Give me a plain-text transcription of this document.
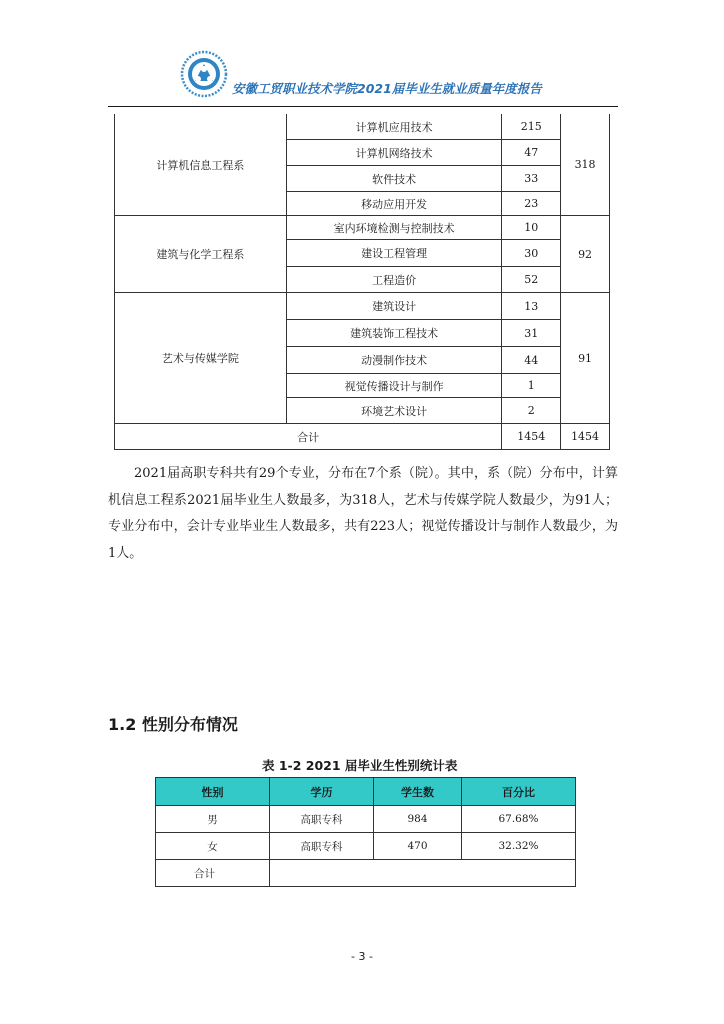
安徽工贸职业技术学院2021届毕业生就业质量年度报告
计算机信息工程系	计算机应用技术	215	318
	计算机网络技术	47	
	软件技术	33	
	移动应用开发	23	
建筑与化学工程系	室内环境检测与控制技术	10	92
	建设工程管理	30	
	工程造价	52	
艺术与传媒学院	建筑设计	13	91
	建筑装饰工程技术	31	
	动漫制作技术	44	
	视觉传播设计与制作	1	
	环境艺术设计	2	
合计		1454	1454

2021届高职专科共有29个专业，分布在7个系（院）。其中，系（院）分布中，计算机信息工程系2021届毕业生人数最多，为318人，艺术与传媒学院人数最少，为91人；专业分布中，会计专业毕业生人数最多，共有223人；视觉传播设计与制作人数最少，为1人。

1.2 性别分布情况
表 1-2 2021 届毕业生性别统计表
性别	学历	学生数	百分比
男	高职专科	984	67.68%
女	高职专科	470	32.32%
合计			
- 3 -
